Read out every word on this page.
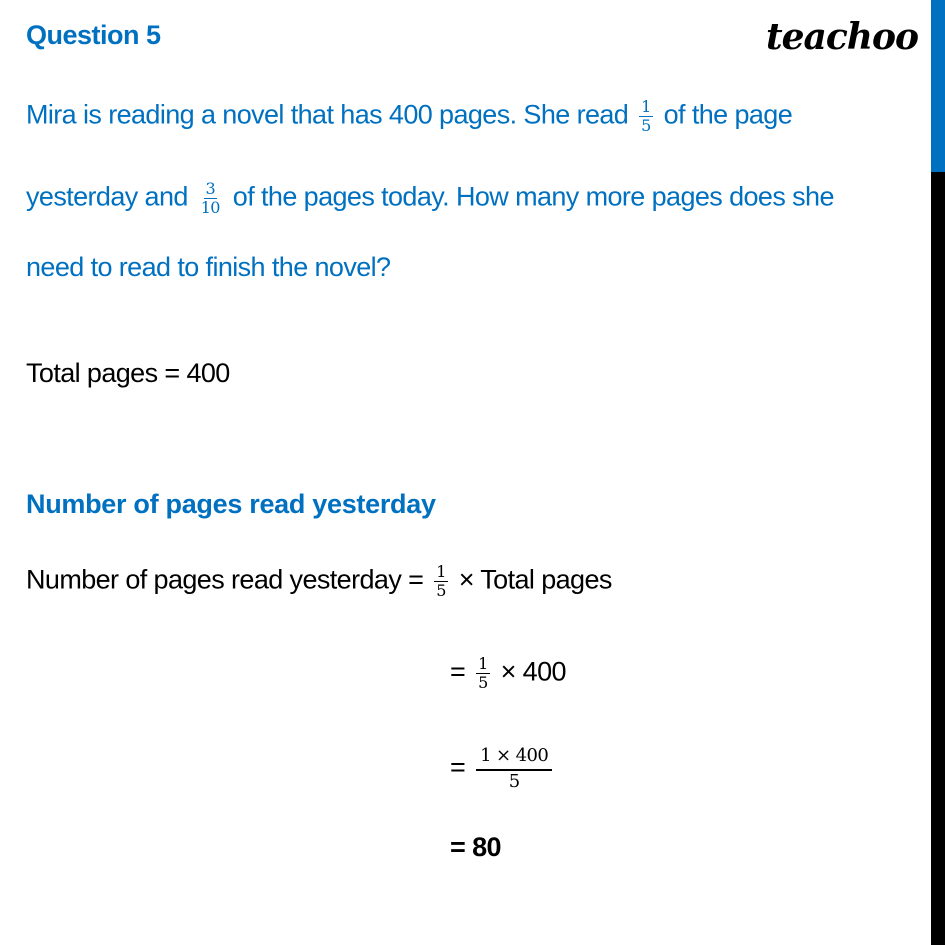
Question 5	teachoo
Mira is reading a novel that has 400 pages. She read $\frac{1}{5}$ of the page
yesterday and $\frac{3}{10}$ of the pages today. How many more pages does she
need to read to finish the novel?
Total pages = 400
Number of pages read yesterday
Number of pages read yesterday = $\frac{1}{5}$ × Total pages
= $\frac{1}{5} \times 400$
= $\frac{1 \times 400}{5}$
= 80
